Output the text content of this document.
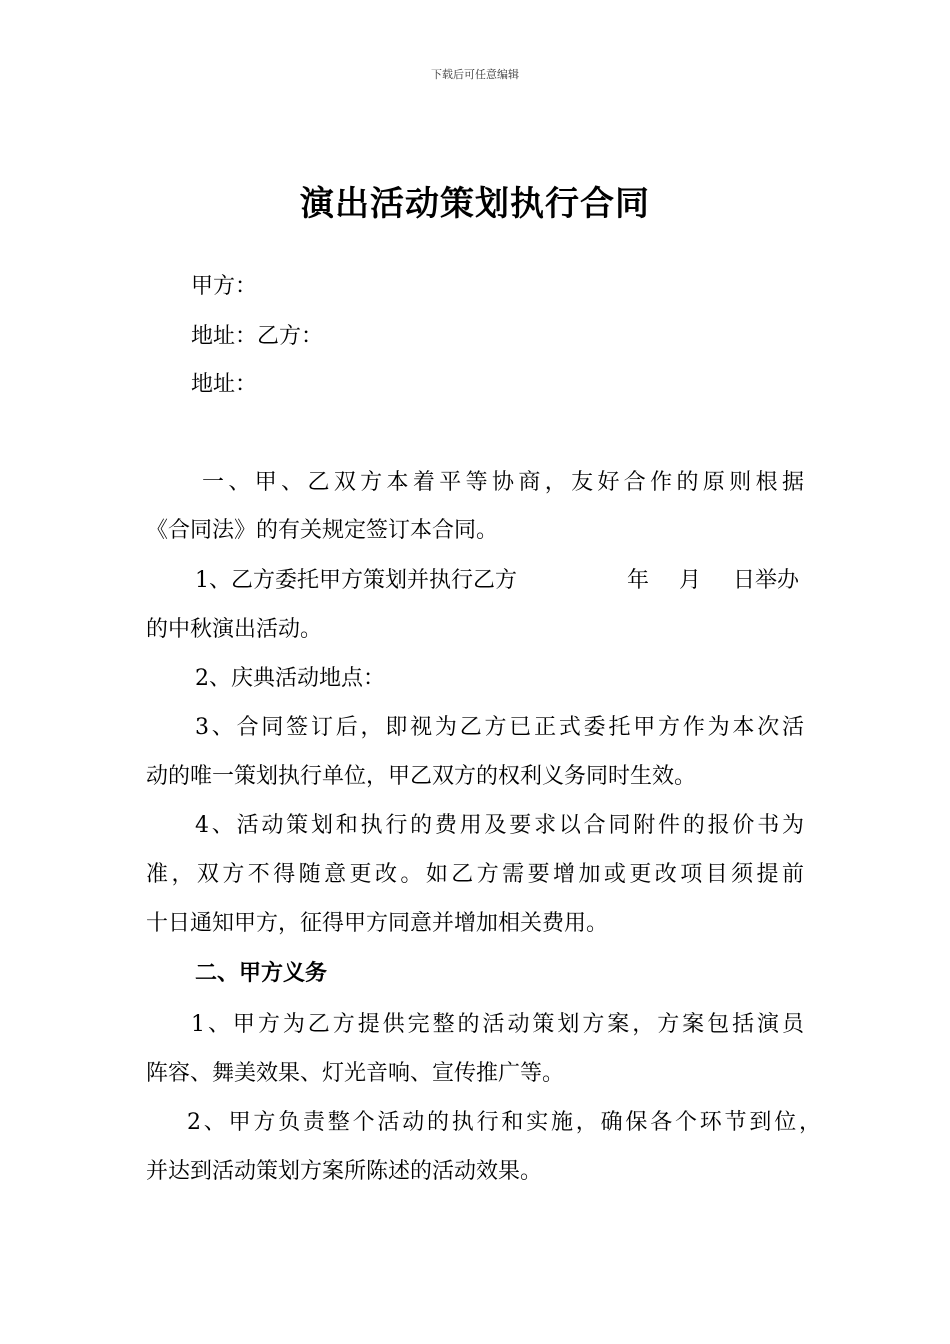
下载后可任意编辑
演出活动策划执行合同
甲方：
地址：乙方：
地址：
一、甲、乙双方本着平等协商，友好合作的原则根据
《合同法》的有关规定签订本合同。
1、乙方委托甲方策划并执行乙方	年 月 日举办
的中秋演出活动。
2、庆典活动地点：
3、合同签订后，即视为乙方已正式委托甲方作为本次活
动的唯一策划执行单位，甲乙双方的权利义务同时生效。
4、活动策划和执行的费用及要求以合同附件的报价书为
准，双方不得随意更改。如乙方需要增加或更改项目须提前
十日通知甲方，征得甲方同意并增加相关费用。
二、甲方义务
1、甲方为乙方提供完整的活动策划方案，方案包括演员
阵容、舞美效果、灯光音响、宣传推广等。
2、甲方负责整个活动的执行和实施，确保各个环节到位，
并达到活动策划方案所陈述的活动效果。
